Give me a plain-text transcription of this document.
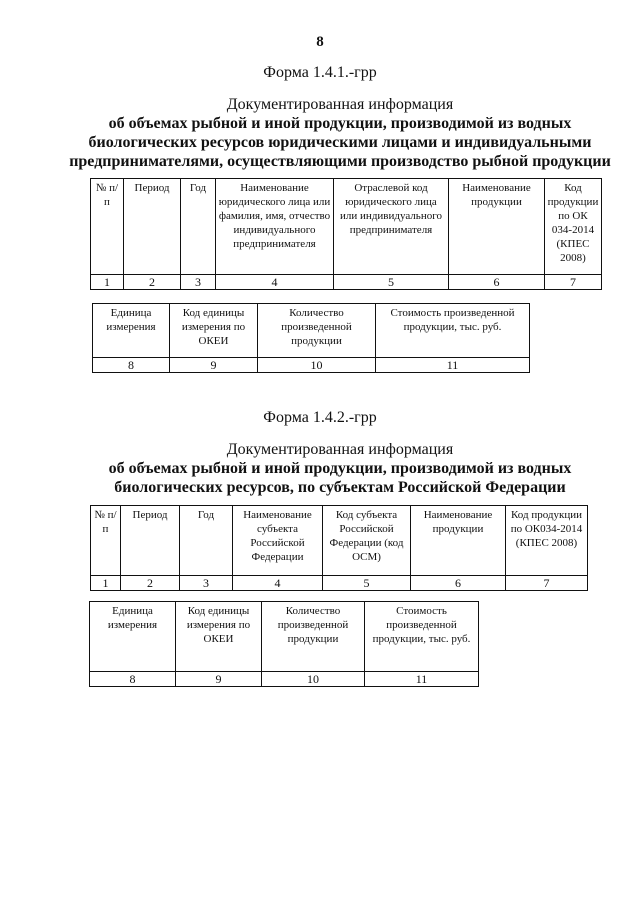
8
Форма 1.4.1.-грр
Документированная информация
об объемах рыбной и иной продукции, производимой из водных
биологических ресурсов юридическими лицами и индивидуальными
предпринимателями, осуществляющими производство рыбной продукции
№ п/п	Период	Год	Наименование юридического лица или фамилия, имя, отчество индивидуального предпринимателя	Отраслевой код юридического лица или индивидуального предпринимателя	Наименование продукции	Код продукции по ОК 034-2014 (КПЕС 2008)
1	2	3	4	5	6	7
Единица измерения	Код единицы измерения по ОКЕИ	Количество произведенной продукции	Стоимость произведенной продукции, тыс. руб.
8	9	10	11
Форма 1.4.2.-грр
Документированная информация
об объемах рыбной и иной продукции, производимой из водных
биологических ресурсов, по субъектам Российской Федерации
№ п/п	Период	Год	Наименование субъекта Российской Федерации	Код субъекта Российской Федерации (код ОСМ)	Наименование продукции	Код продукции по ОК034-2014 (КПЕС 2008)
1	2	3	4	5	6	7
Единица измерения	Код единицы измерения по ОКЕИ	Количество произведенной продукции	Стоимость произведенной продукции, тыс. руб.
8	9	10	11
